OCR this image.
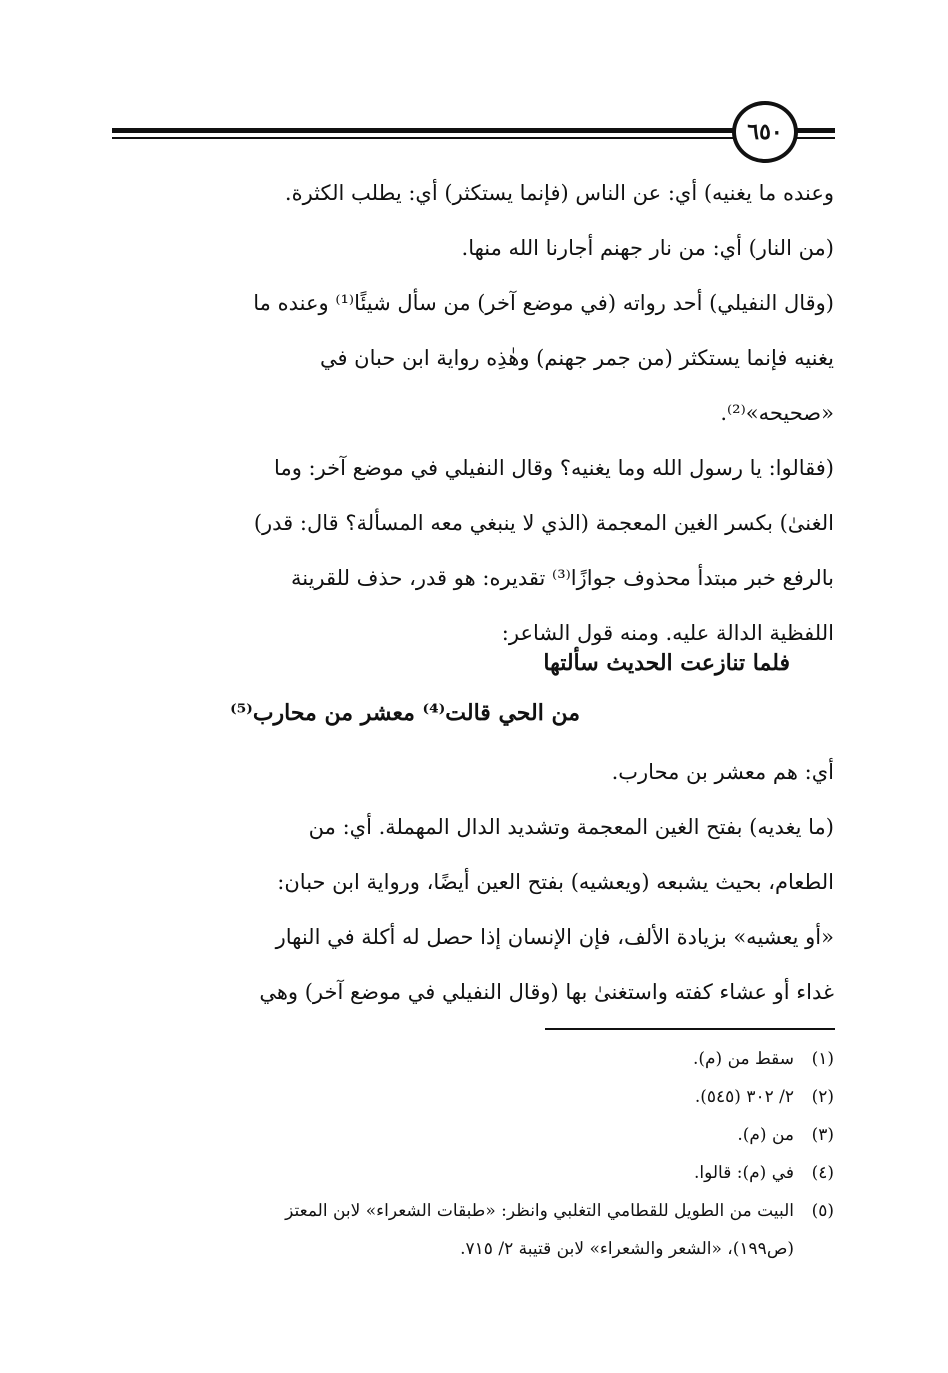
٦٥٠
وعنده ما يغنيه) أي: عن الناس (فإنما يستكثر) أي: يطلب الكثرة.
(من النار) أي: من نار جهنم أجارنا الله منها.
(وقال النفيلي) أحد رواته (في موضع آخر) من سأل شيئًا⁽¹⁾ وعنده ما
يغنيه فإنما يستكثر (من جمر جهنم) وهٰذِه رواية ابن حبان في
«صحيحه»⁽²⁾.
(فقالوا: يا رسول الله وما يغنيه؟ وقال النفيلي في موضع آخر: وما
الغنىٰ) بكسر الغين المعجمة (الذي لا ينبغي معه المسألة؟ قال: قدر)
بالرفع خبر مبتدأ محذوف جوازًا⁽³⁾ تقديره: هو قدر، حذف للقرينة
اللفظية الدالة عليه. ومنه قول الشاعر:
فلما تنازعت الحديث سألتها
من الحي قالت⁽⁴⁾ معشر من محارب⁽⁵⁾
أي: هم معشر بن محارب.
(ما يغديه) بفتح الغين المعجمة وتشديد الدال المهملة. أي: من
الطعام، بحيث يشبعه (ويعشيه) بفتح العين أيضًا، ورواية ابن حبان:
«أو يعشيه» بزيادة الألف، فإن الإنسان إذا حصل له أكلة في النهار
غداء أو عشاء كفته واستغنىٰ بها (وقال النفيلي في موضع آخر) وهي
(١)
سقط من (م).
(٢)
٢/ ٣٠٢ (٥٤٥).
(٣)
من (م).
(٤)
في (م): قالوا.
(٥)
البيت من الطويل للقطامي التغلبي وانظر: «طبقات الشعراء» لابن المعتز
(ص١٩٩)، «الشعر والشعراء» لابن قتيبة ٢/ ٧١٥.
